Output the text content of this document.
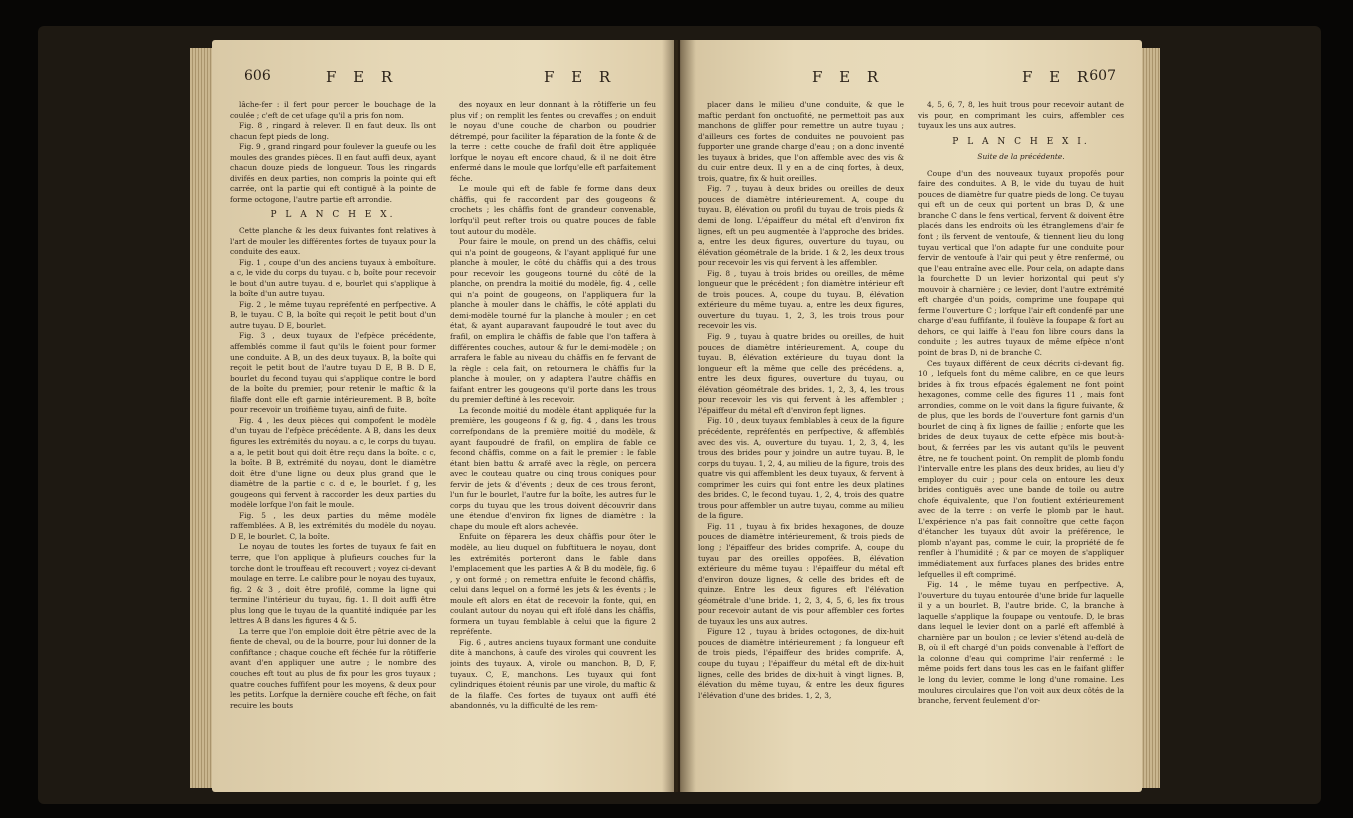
606	F E R	F E R

lâche-fer : il fert pour percer le bouchage de la coulée ; c'eft de cet ufage qu'il a pris fon nom.

Fig. 8 , ringard à relever. Il en faut deux. Ils ont chacun fept pieds de long.

Fig. 9 , grand ringard pour foulever la gueufe ou les moules des grandes pièces. Il en faut auffi deux, ayant chacun douze pieds de longueur. Tous les ringards divifés en deux parties, non compris la pointe qui eft carrée, ont la partie qui eft contiguë à la pointe de forme octogone, l'autre partie eft arrondie.

P L A N C H E X.

Cette planche & les deux fuivantes font relatives à l'art de mouler les différentes fortes de tuyaux pour la conduite des eaux.

Fig. 1 , coupe d'un des anciens tuyaux à emboîture. a c, le vide du corps du tuyau. c b, boîte pour recevoir le bout d'un autre tuyau. d e, bourlet qui s'applique à la boîte d'un autre tuyau.

Fig. 2 , le même tuyau repréfenté en perfpective. A B, le tuyau. C B, la boîte qui reçoit le petit bout d'un autre tuyau. D E, bourlet.

Fig. 3 , deux tuyaux de l'efpèce précédente, affemblés comme il faut qu'ils le foient pour former une conduite. A B, un des deux tuyaux. B, la boîte qui reçoit le petit bout de l'autre tuyau D E, B B. D E, bourlet du fecond tuyau qui s'applique contre le bord de la boîte du premier, pour retenir le maftic & la filaffe dont elle eft garnie intérieurement. B B, boîte pour recevoir un troifième tuyau, ainfi de fuite.

Fig. 4 , les deux pièces qui compofent le modèle d'un tuyau de l'efpèce précédente. A B, dans les deux figures les extrémités du noyau. a c, le corps du tuyau. a a, le petit bout qui doit être reçu dans la boîte. c c, la boîte. B B, extrémité du noyau, dont le diamètre doit être d'une ligne ou deux plus grand que le diamètre de la partie c c. d e, le bourlet. f g, les gougeons qui fervent à raccorder les deux parties du modèle lorfque l'on fait le moule.

Fig. 5 , les deux parties du même modèle raffemblées. A B, les extrémités du modèle du noyau. D E, le bourlet. C, la boîte.

Le noyau de toutes les fortes de tuyaux fe fait en terre, que l'on applique à plufieurs couches fur la torche dont le trouffeau eft recouvert ; voyez ci-devant moulage en terre. Le calibre pour le noyau des tuyaux, fig. 2 & 3 , doit être profilé, comme la ligne qui termine l'intérieur du tuyau, fig. 1. Il doit auffi être plus long que le tuyau de la quantité indiquée par les lettres A B dans les figures 4 & 5.

La terre que l'on emploie doit être pêtrie avec de la fiente de cheval, ou de la bourre, pour lui donner de la confiftance ; chaque couche eft féchée fur la rôtifferie avant d'en appliquer une autre ; le nombre des couches eft tout au plus de fix pour les gros tuyaux ; quatre couches fuffifent pour les moyens, & deux pour les petits. Lorfque la dernière couche eft féche, on fait recuire les bouts

des noyaux en leur donnant à la rôtifferie un feu plus vif ; on remplit les fentes ou crevaffes ; on enduit le noyau d'une couche de charbon ou poudrier détrempé, pour faciliter la féparation de la fonte & de la terre : cette couche de frafil doit être appliquée lorfque le noyau eft encore chaud, & il ne doit être enfermé dans le moule que lorfqu'elle eft parfaitement féche.

Le moule qui eft de fable fe forme dans deux châffis, qui fe raccordent par des gougeons & crochets ; les châffis font de grandeur convenable, lorfqu'il peut refter trois ou quatre pouces de fable tout autour du modèle.

Pour faire le moule, on prend un des châffis, celui qui n'a point de gougeons, & l'ayant appliqué fur une planche à mouler, le côté du châffis qui a des trous pour recevoir les gougeons tourné du côté de la planche, on prendra la moitié du modèle, fig. 4 , celle qui n'a point de gougeons, on l'appliquera fur la planche à mouler dans le châffis, le côté applati du demi-modèle tourné fur la planche à mouler ; en cet état, & ayant auparavant faupoudré le tout avec du frafil, on emplira le châffis de fable que l'on taffera à différentes couches, autour & fur le demi-modèle ; on arrafera le fable au niveau du châffis en fe fervant de la règle : cela fait, on retournera le châffis fur la planche à mouler, on y adaptera l'autre châffis en faifant entrer les gougeons qu'il porte dans les trous du premier deftiné à les recevoir.

La feconde moitié du modèle étant appliquée fur la première, les gougeons f & g, fig. 4 , dans les trous correfpondans de la première moitié du modèle, & ayant faupoudré de frafil, on emplira de fable ce fecond châffis, comme on a fait le premier : le fable étant bien battu & arrafé avec la règle, on percera avec le couteau quatre ou cinq trous coniques pour fervir de jets & d'évents ; deux de ces trous feront, l'un fur le bourlet, l'autre fur la boîte, les autres fur le corps du tuyau que les trous doivent découvrir dans une étendue d'environ fix lignes de diamètre : la chape du moule eft alors achevée.

Enfuite on féparera les deux châffis pour ôter le modèle, au lieu duquel on fubftituera le noyau, dont les extrémités porteront dans le fable dans l'emplacement que les parties A & B du modèle, fig. 6 , y ont formé ; on remettra enfuite le fecond châffis, celui dans lequel on a formé les jets & les évents ; le moule eft alors en état de recevoir la fonte, qui, en coulant autour du noyau qui eft ifolé dans les châffis, formera un tuyau femblable à celui que la figure 2 repréfente.

Fig. 6 , autres anciens tuyaux formant une conduite dite à manchons, à caufe des viroles qui couvrent les joints des tuyaux. A, virole ou manchon. B, D, F, tuyaux. C, E, manchons. Les tuyaux qui font cylindriques étoient réunis par une virole, du maftic & de la filaffe. Ces fortes de tuyaux ont auffi été abandonnés, vu la difficulté de les rem-

F E R	F E R
607

placer dans le milieu d'une conduite, & que le maftic perdant fon onctuofité, ne permettoit pas aux manchons de gliffer pour remettre un autre tuyau ; d'ailleurs ces fortes de conduites ne pouvoient pas fupporter une grande charge d'eau ; on a donc inventé les tuyaux à brides, que l'on affemble avec des vis & du cuir entre deux. Il y en a de cinq fortes, à deux, trois, quatre, fix & huit oreilles.

Fig. 7 , tuyau à deux brides ou oreilles de deux pouces de diamètre intérieurement. A, coupe du tuyau. B, élévation ou profil du tuyau de trois pieds & demi de long. L'épaiffeur du métal eft d'environ fix lignes, eft un peu augmentée à l'approche des brides. a, entre les deux figures, ouverture du tuyau, ou élévation géométrale de la bride. 1 & 2, les deux trous pour recevoir les vis qui fervent à les affembler.

Fig. 8 , tuyau à trois brides ou oreilles, de même longueur que le précédent ; fon diamètre intérieur eft de trois pouces. A, coupe du tuyau. B, élévation extérieure du même tuyau. a, entre les deux figures, ouverture du tuyau. 1, 2, 3, les trois trous pour recevoir les vis.

Fig. 9 , tuyau à quatre brides ou oreilles, de huit pouces de diamètre intérieurement. A, coupe du tuyau. B, élévation extérieure du tuyau dont la longueur eft la même que celle des précédens. a, entre les deux figures, ouverture du tuyau, ou élévation géométrale des brides. 1, 2, 3, 4, les trous pour recevoir les vis qui fervent à les affembler ; l'épaiffeur du métal eft d'environ fept lignes.

Fig. 10 , deux tuyaux femblables à ceux de la figure précédente, repréfentés en perfpective, & affemblés avec des vis. A, ouverture du tuyau. 1, 2, 3, 4, les trous des brides pour y joindre un autre tuyau. B, le corps du tuyau. 1, 2, 4, au milieu de la figure, trois des quatre vis qui affemblent les deux tuyaux, & fervent à comprimer les cuirs qui font entre les deux platines des brides. C, le fecond tuyau. 1, 2, 4, trois des quatre trous pour affembler un autre tuyau, comme au milieu de la figure.

Fig. 11 , tuyau à fix brides hexagones, de douze pouces de diamètre intérieurement, & trois pieds de long ; l'épaiffeur des brides comprife. A, coupe du tuyau par des oreilles oppofées. B, élévation extérieure du même tuyau : l'épaiffeur du métal eft d'environ douze lignes, & celle des brides eft de quinze. Entre les deux figures eft l'élévation géométrale d'une bride. 1, 2, 3, 4, 5, 6, les fix trous pour recevoir autant de vis pour affembler ces fortes de tuyaux les uns aux autres.

Figure 12 , tuyau à brides octogones, de dix-huit pouces de diamètre intérieurement ; fa longueur eft de trois pieds, l'épaiffeur des brides comprife. A, coupe du tuyau ; l'épaiffeur du métal eft de dix-huit lignes, celle des brides de dix-huit à vingt lignes. B, élévation du même tuyau, & entre les deux figures l'élévation d'une des brides. 1, 2, 3,

4, 5, 6, 7, 8, les huit trous pour recevoir autant de vis pour, en comprimant les cuirs, affembler ces tuyaux les uns aux autres.

P L A N C H E X I.

Suite de la précédente.

Coupe d'un des nouveaux tuyaux propofés pour faire des conduites. A B, le vide du tuyau de huit pouces de diamètre fur quatre pieds de long. Ce tuyau qui eft un de ceux qui portent un bras D, & une branche C dans le fens vertical, fervent & doivent être placés dans les endroits où les étranglemens d'air fe font ; ils fervent de ventoufe, & tiennent lieu du long tuyau vertical que l'on adapte fur une conduite pour fervir de ventoufe à l'air qui peut y être renfermé, ou que l'eau entraîne avec elle. Pour cela, on adapte dans la fourchette D un levier horizontal qui peut s'y mouvoir à charnière ; ce levier, dont l'autre extrémité eft chargée d'un poids, comprime une foupape qui ferme l'ouverture C ; lorfque l'air eft condenfé par une charge d'eau fuffifante, il foulève la foupape & fort au dehors, ce qui laiffe à l'eau fon libre cours dans la conduite ; les autres tuyaux de même efpèce n'ont point de bras D, ni de branche C.

Ces tuyaux différent de ceux décrits ci-devant fig. 10 , lefquels font du même calibre, en ce que leurs brides à fix trous efpacés également ne font point hexagones, comme celle des figures 11 , mais font arrondies, comme on le voit dans la figure fuivante, & de plus, que les bords de l'ouverture font garnis d'un bourlet de cinq à fix lignes de faillie ; enforte que les brides de deux tuyaux de cette efpèce mis bout-à-bout, & ferrées par les vis autant qu'ils le peuvent être, ne fe touchent point. On remplit de plomb fondu l'intervalle entre les plans des deux brides, au lieu d'y employer du cuir ; pour cela on entoure les deux brides contiguës avec une bande de toile ou autre chofe équivalente, que l'on foutient extérieurement avec de la terre : on verfe le plomb par le haut. L'expérience n'a pas fait connoître que cette façon d'étancher les tuyaux dût avoir la préférence, le plomb n'ayant pas, comme le cuir, la propriété de fe renfler à l'humidité ; & par ce moyen de s'appliquer immédiatement aux furfaces planes des brides entre lefquelles il eft comprimé.

Fig. 14 , le même tuyau en perfpective. A, l'ouverture du tuyau entourée d'une bride fur laquelle il y a un bourlet. B, l'autre bride. C, la branche à laquelle s'applique la foupape ou ventoufe. D, le bras dans lequel le levier dont on a parlé eft affemblé à charnière par un boulon ; ce levier s'étend au-delà de B, où il eft chargé d'un poids convenable à l'effort de la colonne d'eau qui comprime l'air renfermé : le même poids fert dans tous les cas en le faifant gliffer le long du levier, comme le long d'une romaine. Les moulures circulaires que l'on voit aux deux côtés de la branche, fervent feulement d'or-
